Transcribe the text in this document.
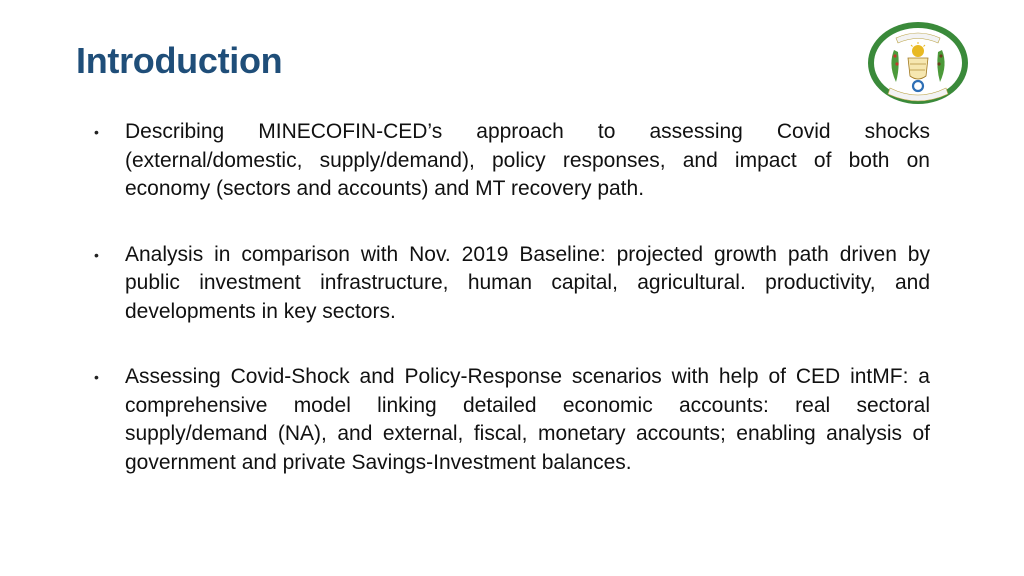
Introduction
• Describing MINECOFIN-CED’s approach to assessing Covid shocks (external/domestic, supply/demand), policy responses, and impact of both on economy (sectors and accounts) and MT recovery path.
• Analysis in comparison with Nov. 2019 Baseline: projected growth path driven by public investment infrastructure, human capital, agricultural. productivity, and developments in key sectors.
• Assessing Covid-Shock and Policy-Response scenarios with help of CED intMF: a comprehensive model linking detailed economic accounts: real sectoral supply/demand (NA), and external, fiscal, monetary accounts; enabling analysis of government and private Savings-Investment balances.
